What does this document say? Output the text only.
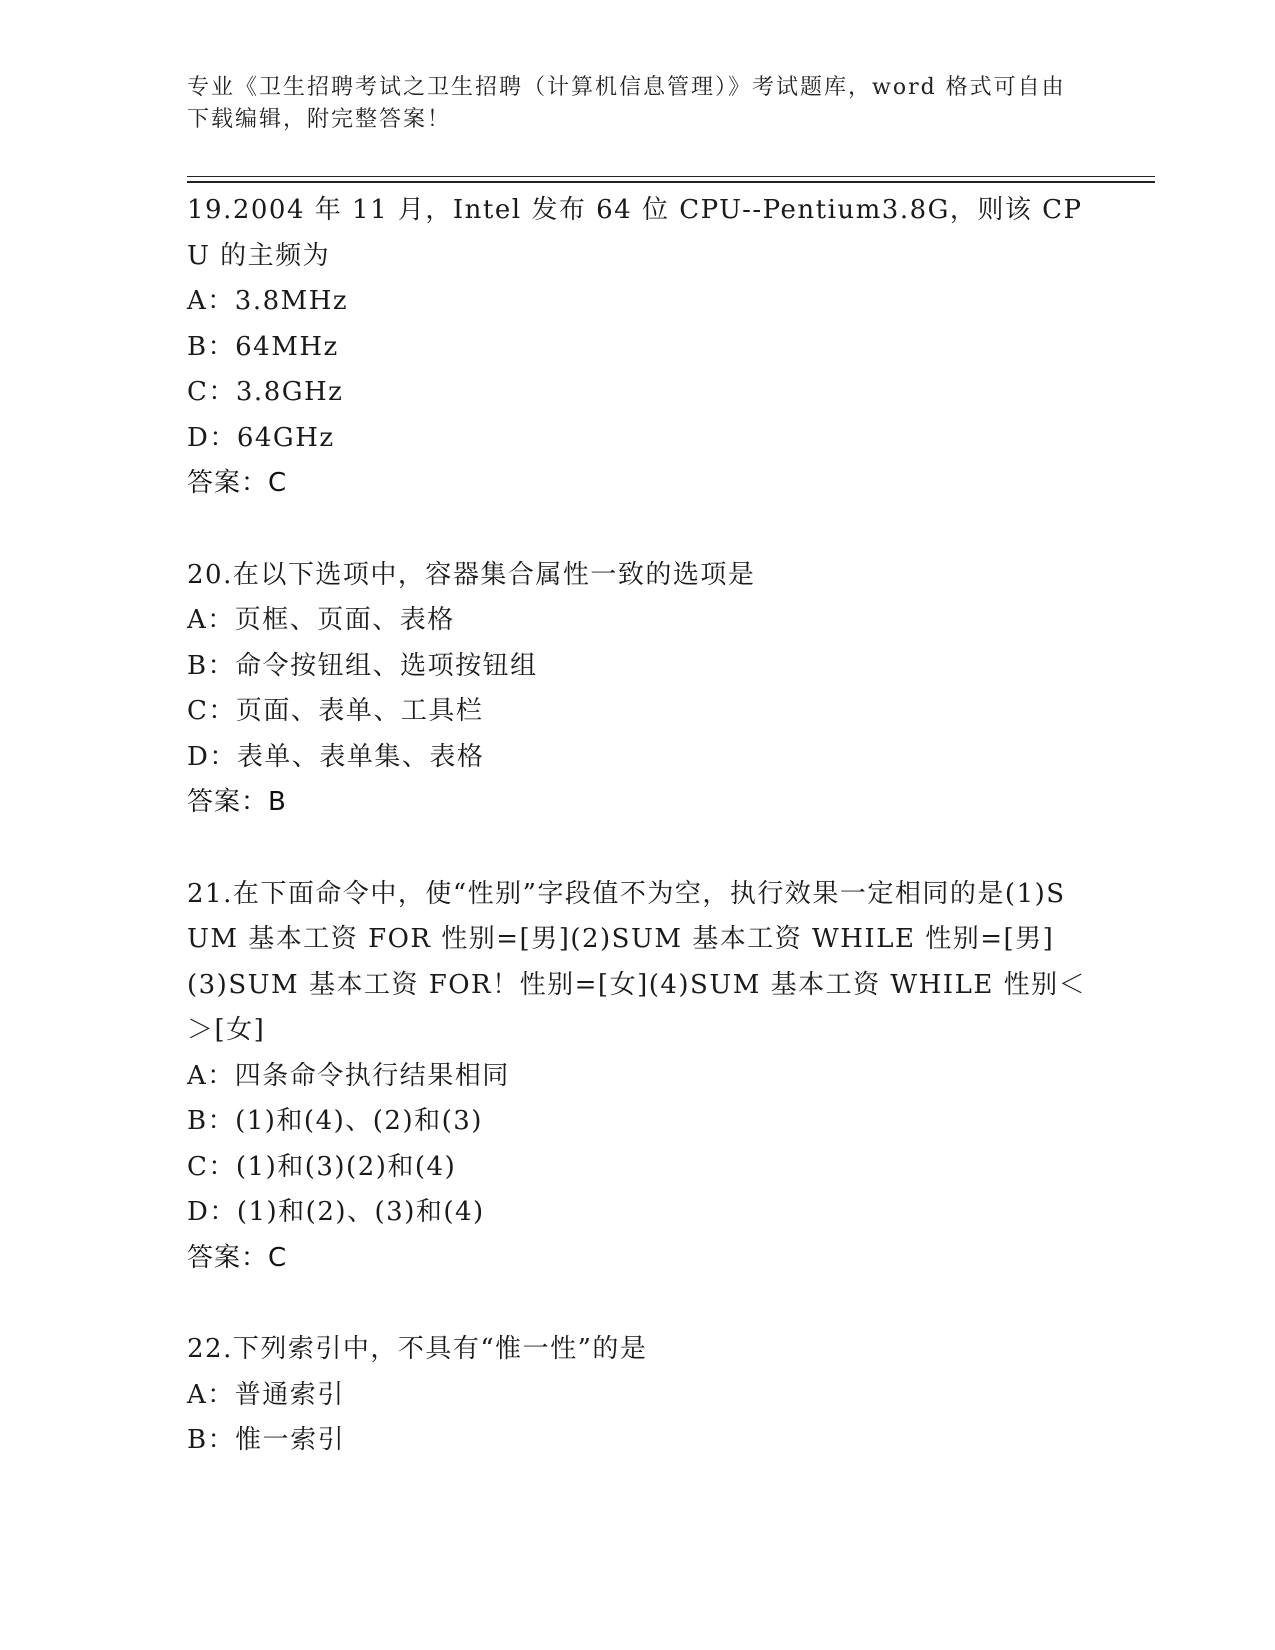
专业《卫生招聘考试之卫生招聘（计算机信息管理）》考试题库，word 格式可自由下载编辑，附完整答案！
19.2004 年 11 月，Intel 发布 64 位 CPU--Pentium3.8G，则该 CPU 的主频为
A：3.8MHz
B：64MHz
C：3.8GHz
D：64GHz
答案：C
20.在以下选项中，容器集合属性一致的选项是
A：页框、页面、表格
B：命令按钮组、选项按钮组
C：页面、表单、工具栏
D：表单、表单集、表格
答案：B
21.在下面命令中，使“性别”字段值不为空，执行效果一定相同的是(1)SUM 基本工资 FOR 性别=[男](2)SUM 基本工资 WHILE 性别=[男](3)SUM 基本工资 FOR！性别=[女](4)SUM 基本工资 WHILE 性别＜＞[女]
A：四条命令执行结果相同
B：(1)和(4)、(2)和(3)
C：(1)和(3)(2)和(4)
D：(1)和(2)、(3)和(4)
答案：C
22.下列索引中，不具有“惟一性”的是
A：普通索引
B：惟一索引
